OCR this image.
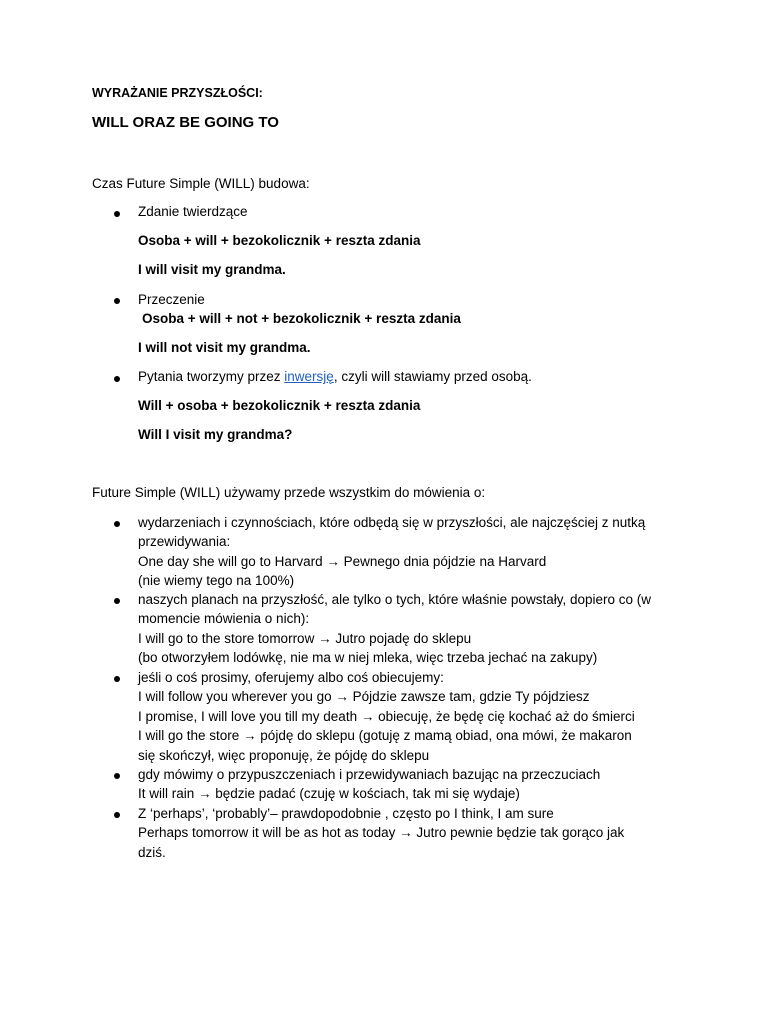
WYRAŻANIE PRZYSZŁOŚCI:
WILL ORAZ BE GOING TO
Czas Future Simple (WILL) budowa:
Zdanie twierdzące
Osoba + will + bezokolicznik + reszta zdania
I will visit my grandma.
Przeczenie
Osoba + will + not + bezokolicznik + reszta zdania
I will not visit my grandma.
Pytania tworzymy przez inwersję, czyli will stawiamy przed osobą.
Will + osoba + bezokolicznik + reszta zdania
Will I visit my grandma?
Future Simple (WILL) używamy przede wszystkim do mówienia o:
wydarzeniach i czynnościach, które odbędą się w przyszłości, ale najczęściej z nutką
przewidywania:
One day she will go to Harvard → Pewnego dnia pójdzie na Harvard
(nie wiemy tego na 100%)
naszych planach na przyszłość, ale tylko o tych, które właśnie powstały, dopiero co (w
momencie mówienia o nich):
I will go to the store tomorrow → Jutro pojadę do sklepu
(bo otworzyłem lodówkę, nie ma w niej mleka, więc trzeba jechać na zakupy)
jeśli o coś prosimy, oferujemy albo coś obiecujemy:
I will follow you wherever you go → Pójdzie zawsze tam, gdzie Ty pójdziesz
I promise, I will love you till my death → obiecuję, że będę cię kochać aż do śmierci
I will go the store → pójdę do sklepu (gotuję z mamą obiad, ona mówi, że makaron
się skończył, więc proponuję, że pójdę do sklepu
gdy mówimy o przypuszczeniach i przewidywaniach bazując na przeczuciach
It will rain → będzie padać (czuję w kościach, tak mi się wydaje)
Z ‘perhaps’, ‘probably’– prawdopodobnie , często po I think, I am sure
Perhaps tomorrow it will be as hot as today → Jutro pewnie będzie tak gorąco jak
dziś.
